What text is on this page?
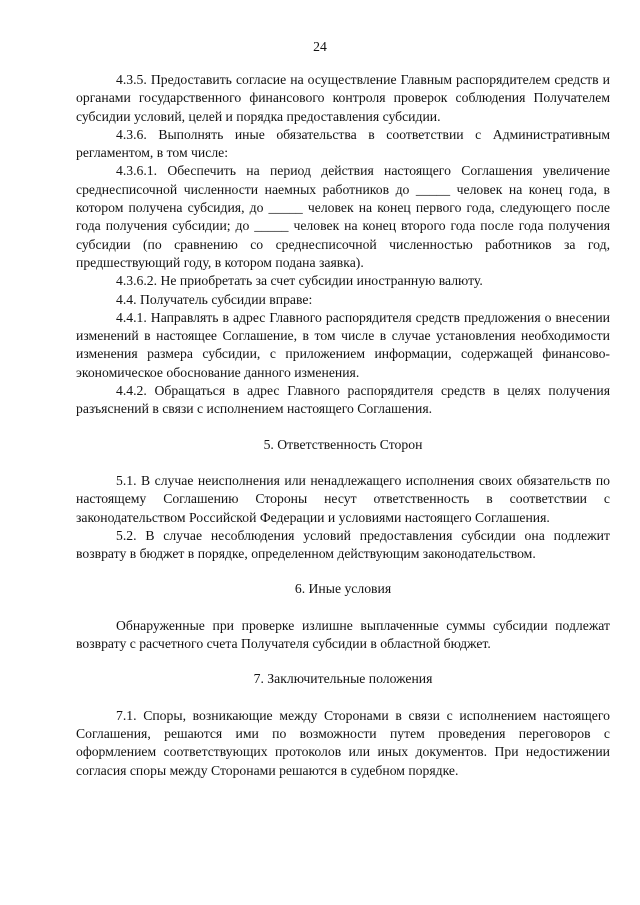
24

4.3.5. Предоставить согласие на осуществление Главным распорядителем средств и органами государственного финансового контроля проверок соблюдения Получателем субсидии условий, целей и порядка предоставления субсидии.

4.3.6. Выполнять иные обязательства в соответствии с Административным регламентом, в том числе:

4.3.6.1. Обеспечить на период действия настоящего Соглашения увеличение среднесписочной численности наемных работников до _____ человек на конец года, в котором получена субсидия, до _____ человек на конец первого года, следующего после года получения субсидии; до _____ человек на конец второго года после года получения субсидии (по сравнению со среднесписочной численностью работников за год, предшествующий году, в котором подана заявка).

4.3.6.2. Не приобретать за счет субсидии иностранную валюту.

4.4. Получатель субсидии вправе:

4.4.1. Направлять в адрес Главного распорядителя средств предложения о внесении изменений в настоящее Соглашение, в том числе в случае установления необходимости изменения размера субсидии, с приложением информации, содержащей финансово-экономическое обоснование данного изменения.

4.4.2. Обращаться в адрес Главного распорядителя средств в целях получения разъяснений в связи с исполнением настоящего Соглашения.

5. Ответственность Сторон

5.1. В случае неисполнения или ненадлежащего исполнения своих обязательств по настоящему Соглашению Стороны несут ответственность в соответствии с законодательством Российской Федерации и условиями настоящего Соглашения.

5.2. В случае несоблюдения условий предоставления субсидии она подлежит возврату в бюджет в порядке, определенном действующим законодательством.

6. Иные условия

Обнаруженные при проверке излишне выплаченные суммы субсидии подлежат возврату с расчетного счета Получателя субсидии в областной бюджет.

7. Заключительные положения

7.1. Споры, возникающие между Сторонами в связи с исполнением настоящего Соглашения, решаются ими по возможности путем проведения переговоров с оформлением соответствующих протоколов или иных документов. При недостижении согласия споры между Сторонами решаются в судебном порядке.
